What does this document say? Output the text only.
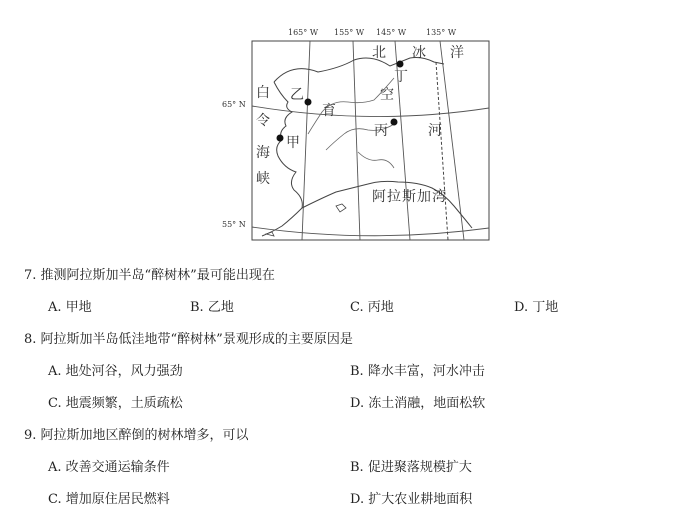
165° W 155° W 145° W 135° W
65° N
55° N
北 冰 洋
白
令
海
峡
甲
乙
丙
丁
育
空
河
阿拉斯加湾
7. 推测阿拉斯加半岛“醉树林”最可能出现在
A. 甲地	B. 乙地	C. 丙地	D. 丁地
8. 阿拉斯加半岛低洼地带“醉树林”景观形成的主要原因是
A. 地处河谷，风力强劲	B. 降水丰富，河水冲击
C. 地震频繁，土质疏松	D. 冻土消融，地面松软
9. 阿拉斯加地区醉倒的树林增多，可以
A. 改善交通运输条件	B. 促进聚落规模扩大
C. 增加原住居民燃料	D. 扩大农业耕地面积
